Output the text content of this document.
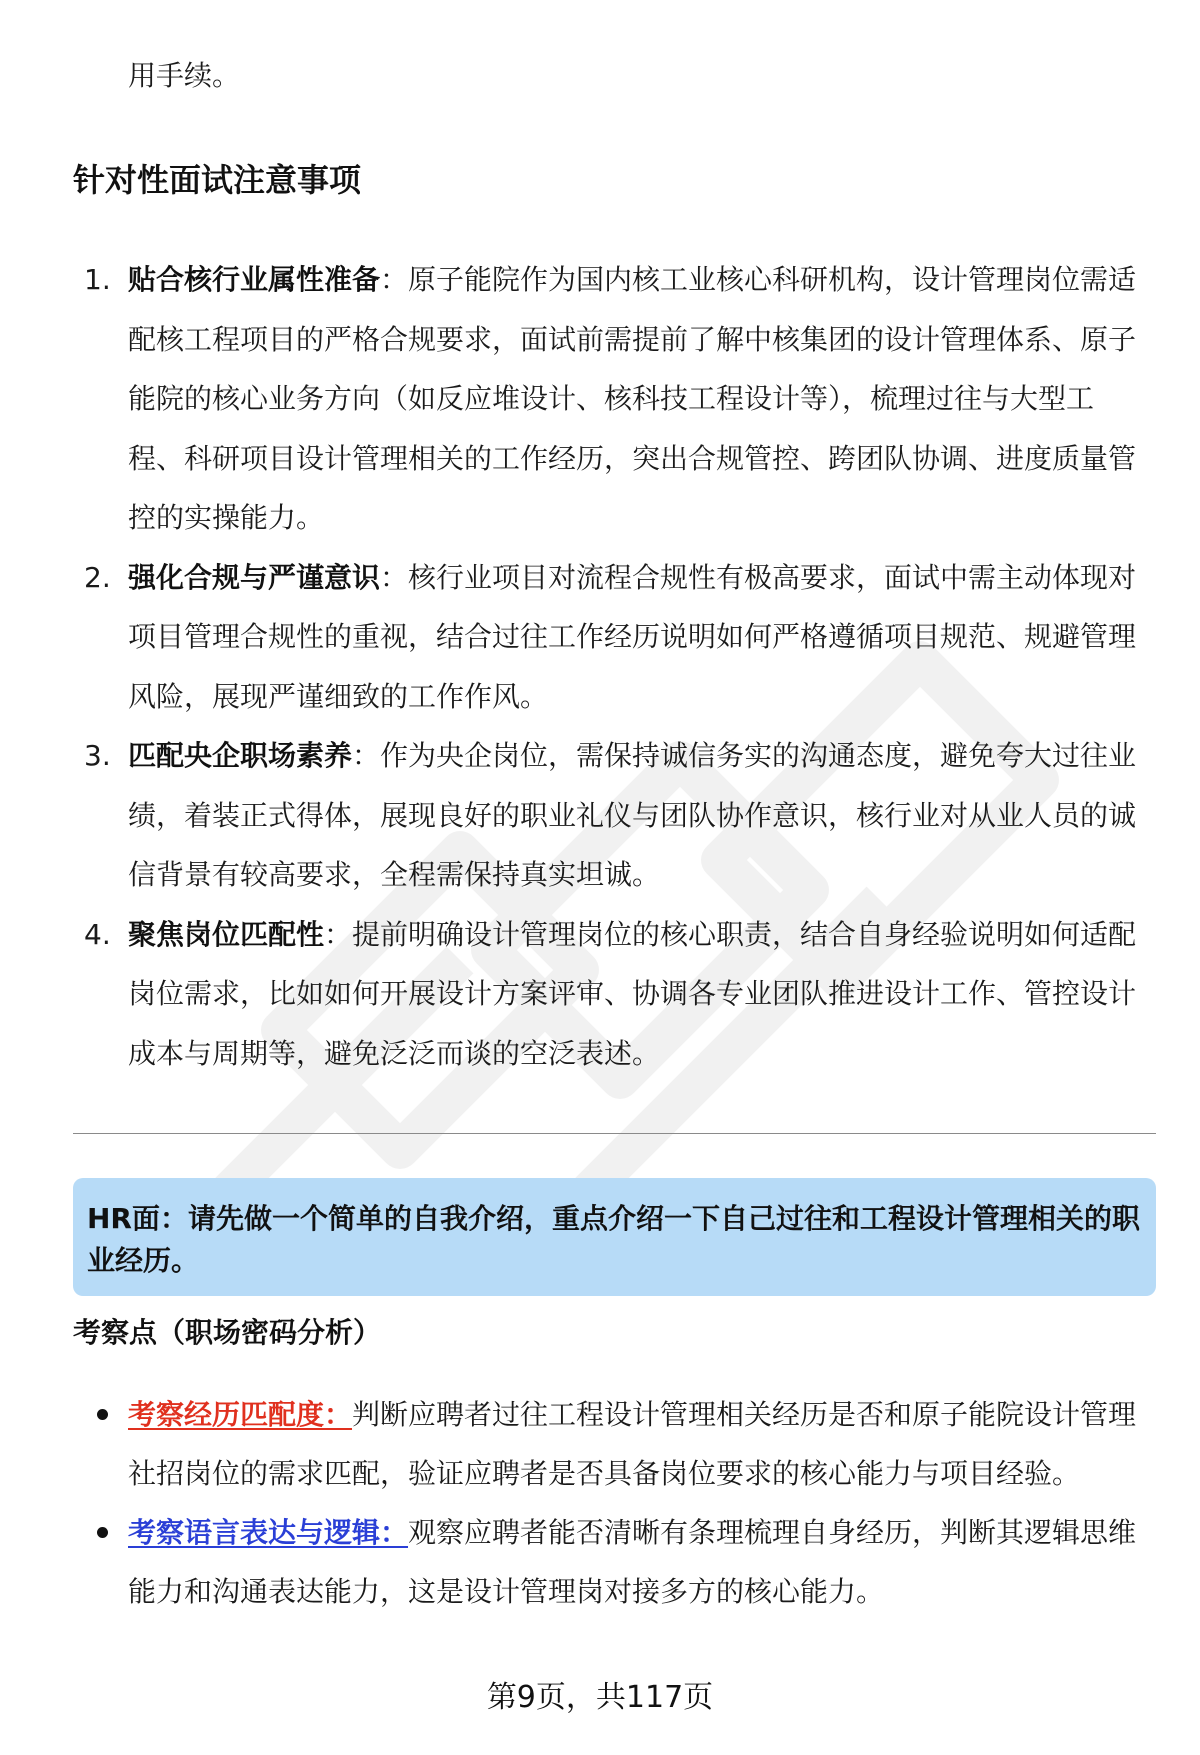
用手续。
针对性面试注意事项
1. 贴合核行业属性准备：原子能院作为国内核工业核心科研机构，设计管理岗位需适配核工程项目的严格合规要求，面试前需提前了解中核集团的设计管理体系、原子能院的核心业务方向（如反应堆设计、核科技工程设计等），梳理过往与大型工程、科研项目设计管理相关的工作经历，突出合规管控、跨团队协调、进度质量管控的实操能力。
2. 强化合规与严谨意识：核行业项目对流程合规性有极高要求，面试中需主动体现对项目管理合规性的重视，结合过往工作经历说明如何严格遵循项目规范、规避管理风险，展现严谨细致的工作作风。
3. 匹配央企职场素养：作为央企岗位，需保持诚信务实的沟通态度，避免夸大过往业绩，着装正式得体，展现良好的职业礼仪与团队协作意识，核行业对从业人员的诚信背景有较高要求，全程需保持真实坦诚。
4. 聚焦岗位匹配性：提前明确设计管理岗位的核心职责，结合自身经验说明如何适配岗位需求，比如如何开展设计方案评审、协调各专业团队推进设计工作、管控设计成本与周期等，避免泛泛而谈的空泛表述。
HR面：请先做一个简单的自我介绍，重点介绍一下自己过往和工程设计管理相关的职业经历。
考察点（职场密码分析）
考察经历匹配度：判断应聘者过往工程设计管理相关经历是否和原子能院设计管理社招岗位的需求匹配，验证应聘者是否具备岗位要求的核心能力与项目经验。
考察语言表达与逻辑：观察应聘者能否清晰有条理梳理自身经历，判断其逻辑思维能力和沟通表达能力，这是设计管理岗对接多方的核心能力。
第9页，共117页
